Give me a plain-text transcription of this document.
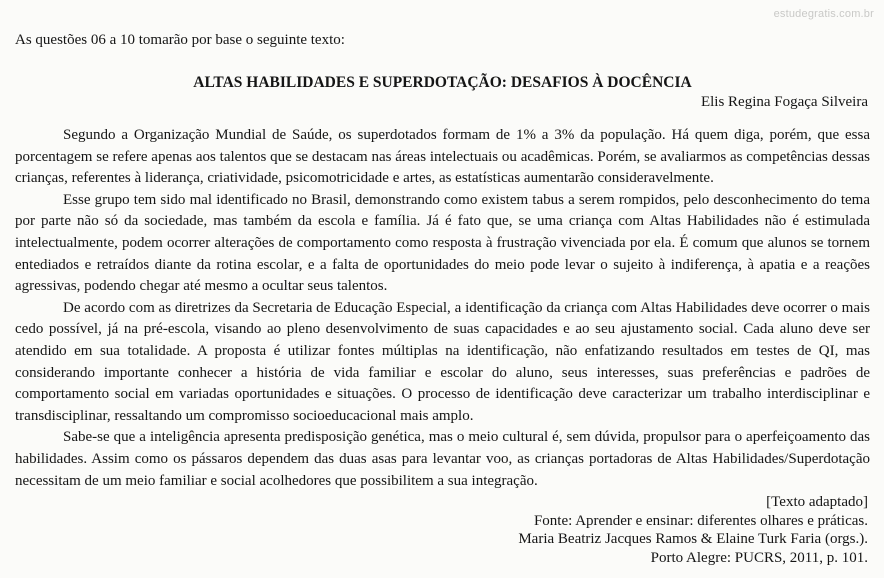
estudegratis.com.br

As questões 06 a 10 tomarão por base o seguinte texto:

ALTAS HABILIDADES E SUPERDOTAÇÃO: DESAFIOS À DOCÊNCIA
Elis Regina Fogaça Silveira

Segundo a Organização Mundial de Saúde, os superdotados formam de 1% a 3% da população. Há quem diga, porém, que essa porcentagem se refere apenas aos talentos que se destacam nas áreas intelectuais ou acadêmicas. Porém, se avaliarmos as competências dessas crianças, referentes à liderança, criatividade, psicomotricidade e artes, as estatísticas aumentarão consideravelmente.

Esse grupo tem sido mal identificado no Brasil, demonstrando como existem tabus a serem rompidos, pelo desconhecimento do tema por parte não só da sociedade, mas também da escola e família. Já é fato que, se uma criança com Altas Habilidades não é estimulada intelectualmente, podem ocorrer alterações de comportamento como resposta à frustração vivenciada por ela. É comum que alunos se tornem entediados e retraídos diante da rotina escolar, e a falta de oportunidades do meio pode levar o sujeito à indiferença, à apatia e a reações agressivas, podendo chegar até mesmo a ocultar seus talentos.

De acordo com as diretrizes da Secretaria de Educação Especial, a identificação da criança com Altas Habilidades deve ocorrer o mais cedo possível, já na pré-escola, visando ao pleno desenvolvimento de suas capacidades e ao seu ajustamento social. Cada aluno deve ser atendido em sua totalidade. A proposta é utilizar fontes múltiplas na identificação, não enfatizando resultados em testes de QI, mas considerando importante conhecer a história de vida familiar e escolar do aluno, seus interesses, suas preferências e padrões de comportamento social em variadas oportunidades e situações. O processo de identificação deve caracterizar um trabalho interdisciplinar e transdisciplinar, ressaltando um compromisso socioeducacional mais amplo.

Sabe-se que a inteligência apresenta predisposição genética, mas o meio cultural é, sem dúvida, propulsor para o aperfeiçoamento das habilidades. Assim como os pássaros dependem das duas asas para levantar voo, as crianças portadoras de Altas Habilidades/Superdotação necessitam de um meio familiar e social acolhedores que possibilitem a sua integração.

[Texto adaptado]
Fonte: Aprender e ensinar: diferentes olhares e práticas.
Maria Beatriz Jacques Ramos & Elaine Turk Faria (orgs.).
Porto Alegre: PUCRS, 2011, p. 101.
